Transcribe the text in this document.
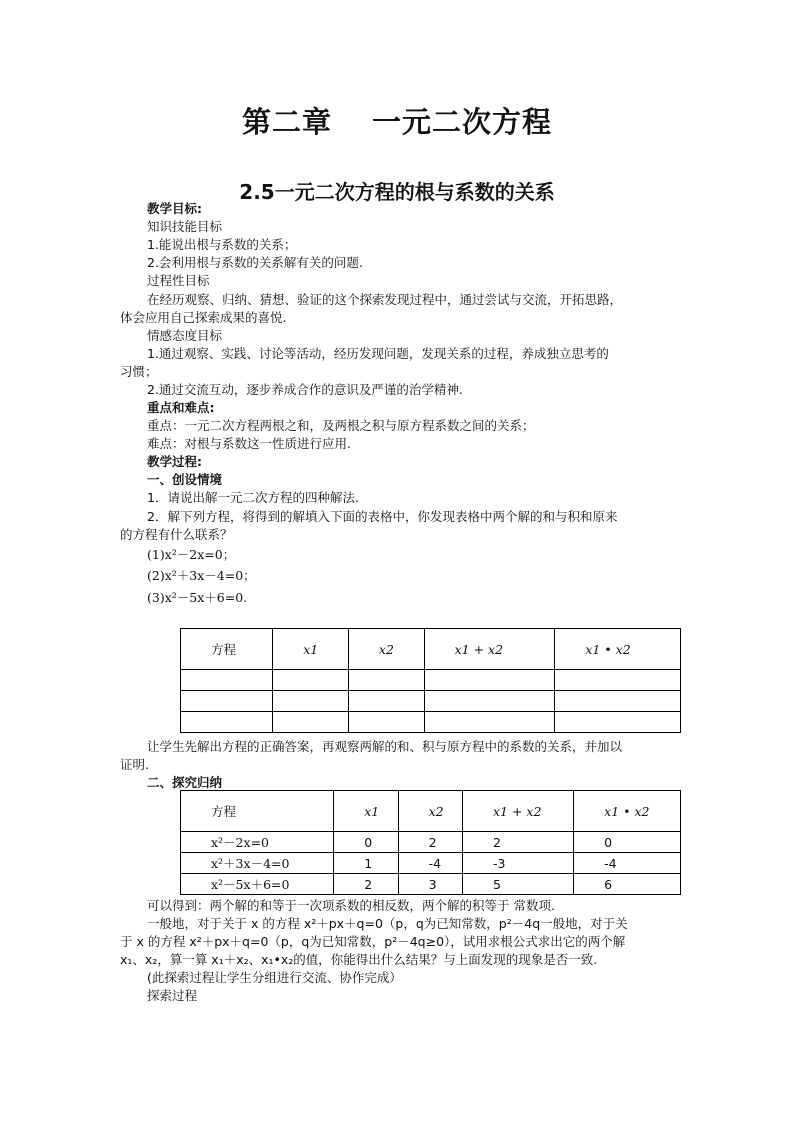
第二章 一元二次方程
2.5一元二次方程的根与系数的关系
教学目标:
知识技能目标
1.能说出根与系数的关系；
2.会利用根与系数的关系解有关的问题.
过程性目标
在经历观察、归纳、猜想、验证的这个探索发现过程中，通过尝试与交流，开拓思路，
体会应用自己探索成果的喜悦.
情感态度目标
1.通过观察、实践、讨论等活动，经历发现问题，发现关系的过程，养成独立思考的
习惯；
2.通过交流互动，逐步养成合作的意识及严谨的治学精神.
重点和难点:
重点：一元二次方程两根之和，及两根之积与原方程系数之间的关系；
难点：对根与系数这一性质进行应用.
教学过程:
一、创设情境
1．请说出解一元二次方程的四种解法.
2．解下列方程，将得到的解填入下面的表格中，你发现表格中两个解的和与积和原来
的方程有什么联系？
(1)x²－2x=0；
(2)x²＋3x－4=0；
(3)x²－5x＋6=0.
方程	x1	x2	x1 + x2	x1 • x2

让学生先解出方程的正确答案，再观察两解的和、积与原方程中的系数的关系，并加以
证明.
二、探究归纳
方程	x1	x2	x1 + x2	x1 • x2
x²－2x=0	0	2	2	0
x²＋3x－4=0	1	-4	-3	-4
x²－5x＋6=0	2	3	5	6
可以得到：两个解的和等于一次项系数的相反数，两个解的积等于 常数项.
一般地，对于关于 x 的方程 x²＋px＋q=0（p，q为已知常数，p²－4q一般地，对于关
于 x 的方程 x²＋px＋q=0（p，q为已知常数，p²－4q≥0），试用求根公式求出它的两个解
x₁、x₂，算一算 x₁＋x₂、x₁•x₂的值，你能得出什么结果？与上面发现的现象是否一致.
(此探索过程让学生分组进行交流、协作完成）
探索过程
